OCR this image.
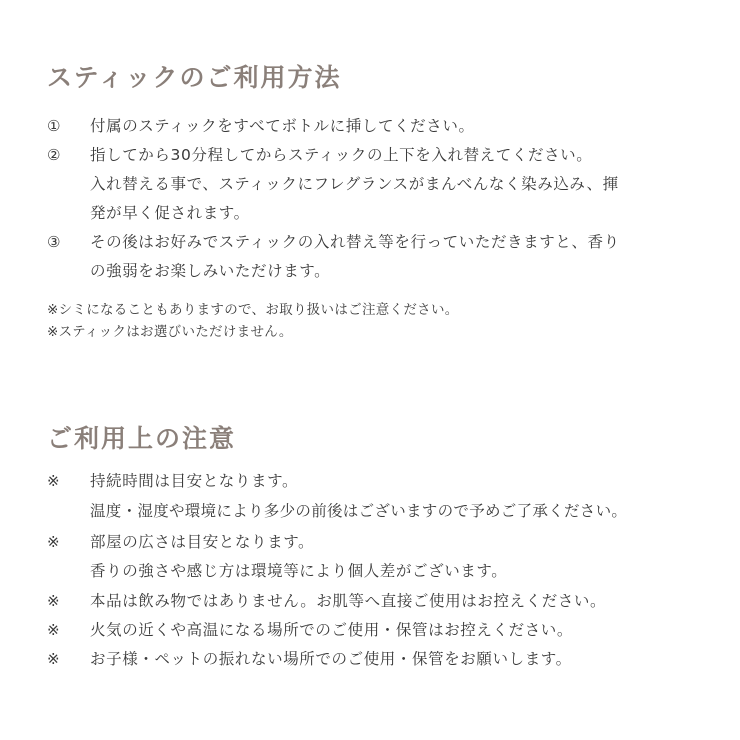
スティックのご利用方法
① 付属のスティックをすべてボトルに挿してください。
② 指してから30分程してからスティックの上下を入れ替えてください。
入れ替える事で、スティックにフレグランスがまんべんなく染み込み、揮
発が早く促されます。
③ その後はお好みでスティックの入れ替え等を行っていただきますと、香り
の強弱をお楽しみいただけます。
※シミになることもありますので、お取り扱いはご注意ください。
※スティックはお選びいただけません。
ご利用上の注意
※ 持続時間は目安となります。
温度・湿度や環境により多少の前後はございますので予めご了承ください。
※ 部屋の広さは目安となります。
香りの強さや感じ方は環境等により個人差がございます。
※ 本品は飲み物ではありません。お肌等へ直接ご使用はお控えください。
※ 火気の近くや高温になる場所でのご使用・保管はお控えください。
※ お子様・ペットの振れない場所でのご使用・保管をお願いします。
